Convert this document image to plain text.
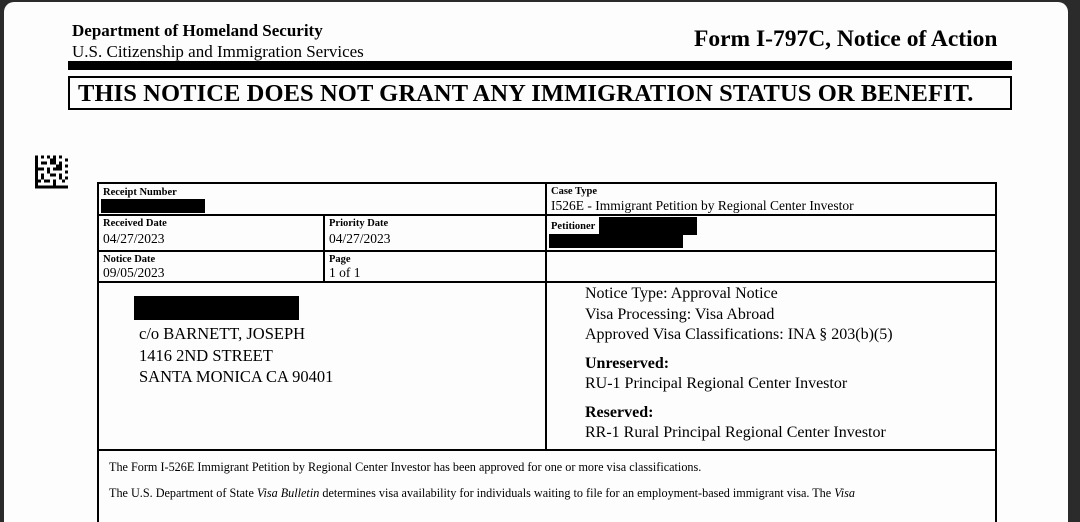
Department of Homeland Security
U.S. Citizenship and Immigration Services	Form I-797C, Notice of Action
THIS NOTICE DOES NOT GRANT ANY IMMIGRATION STATUS OR BENEFIT.
Receipt Number	Case Type
I526E - Immigrant Petition by Regional Center Investor
Received Date
04/27/2023
Priority Date
04/27/2023
Petitioner
Notice Date
09/05/2023
Page
1 of 1
c/o BARNETT, JOSEPH
1416 2ND STREET
SANTA MONICA CA 90401
Notice Type: Approval Notice
Visa Processing: Visa Abroad
Approved Visa Classifications: INA § 203(b)(5)
Unreserved:
RU-1 Principal Regional Center Investor
Reserved:
RR-1 Rural Principal Regional Center Investor
The Form I-526E Immigrant Petition by Regional Center Investor has been approved for one or more visa classifications.
The U.S. Department of State Visa Bulletin determines visa availability for individuals waiting to file for an employment-based immigrant visa. The Visa
